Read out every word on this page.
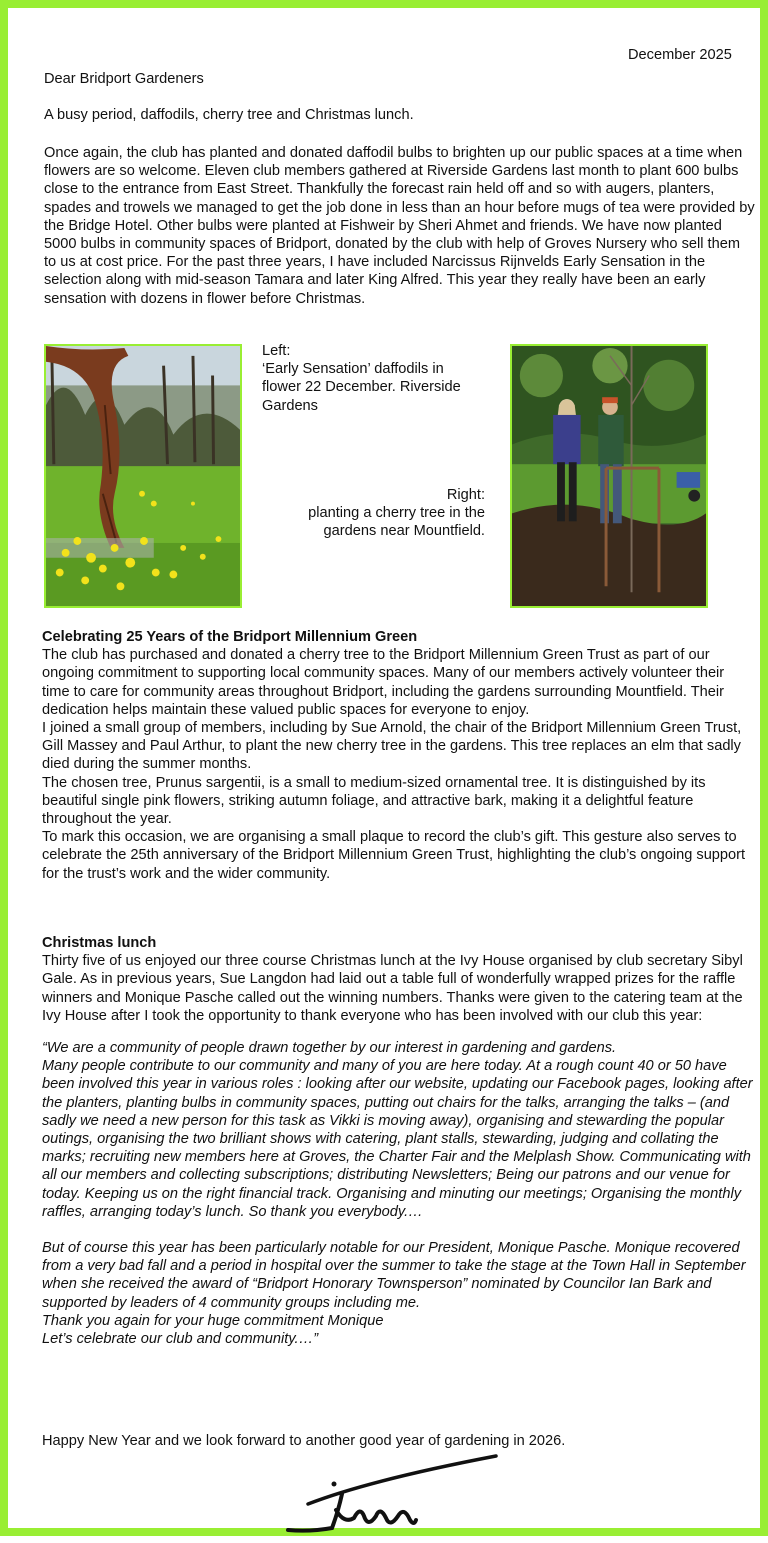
December 2025

Dear Bridport Gardeners

A busy period, daffodils, cherry tree and Christmas lunch.

Once again, the club has planted and donated daffodil bulbs to brighten up our public spaces at a time when flowers are so welcome. Eleven club members gathered at Riverside Gardens last month to plant 600 bulbs close to the entrance from East Street. Thankfully the forecast rain held off and so with augers, planters, spades and trowels we managed to get the job done in less than an hour before mugs of tea were provided by the Bridge Hotel. Other bulbs were planted at Fishweir by Sheri Ahmet and friends. We have now planted 5000 bulbs in community spaces of Bridport, donated by the club with help of Groves Nursery who sell them to us at cost price. For the past three years, I have included Narcissus Rijnvelds Early Sensation in the selection along with mid-season Tamara and later King Alfred. This year they really have been an early sensation with dozens in flower before Christmas.

Left:
‘Early Sensation’ daffodils in flower 22 December. Riverside Gardens

Right:
planting a cherry tree in the gardens near Mountfield.

Celebrating 25 Years of the Bridport Millennium Green

The club has purchased and donated a cherry tree to the Bridport Millennium Green Trust as part of our ongoing commitment to supporting local community spaces. Many of our members actively volunteer their time to care for community areas throughout Bridport, including the gardens surrounding Mountfield. Their dedication helps maintain these valued public spaces for everyone to enjoy.

I joined a small group of members, including by Sue Arnold, the chair of the Bridport Millennium Green Trust, Gill Massey and Paul Arthur, to plant the new cherry tree in the gardens. This tree replaces an elm that sadly died during the summer months.

The chosen tree, Prunus sargentii, is a small to medium-sized ornamental tree. It is distinguished by its beautiful single pink flowers, striking autumn foliage, and attractive bark, making it a delightful feature throughout the year.

To mark this occasion, we are organising a small plaque to record the club’s gift. This gesture also serves to celebrate the 25th anniversary of the Bridport Millennium Green Trust, highlighting the club’s ongoing support for the trust’s work and the wider community.

Christmas lunch

Thirty five of us enjoyed our three course Christmas lunch at the Ivy House organised by club secretary Sibyl Gale. As in previous years, Sue Langdon had laid out a table full of wonderfully wrapped prizes for the raffle winners and Monique Pasche called out the winning numbers. Thanks were given to the catering team at the Ivy House after I took the opportunity to thank everyone who has been involved with our club this year:

“We are a community of people drawn together by our interest in gardening and gardens.

Many people contribute to our community and many of you are here today. At a rough count 40 or 50 have been involved this year in various roles : looking after our website, updating our Facebook pages, looking after the planters, planting bulbs in community spaces, putting out chairs for the talks, arranging the talks – (and sadly we need a new person for this task as Vikki is moving away), organising and stewarding the popular outings, organising the two brilliant shows with catering, plant stalls, stewarding, judging and collating the marks; recruiting new members here at Groves, the Charter Fair and the Melplash Show. Communicating with all our members and collecting subscriptions; distributing Newsletters; Being our patrons and our venue for today. Keeping us on the right financial track. Organising and minuting our meetings; Organising the monthly raffles, arranging today’s lunch. So thank you everybody.…

But of course this year has been particularly notable for our President, Monique Pasche. Monique recovered from a very bad fall and a period in hospital over the summer to take the stage at the Town Hall in September when she received the award of “Bridport Honorary Townsperson” nominated by Councilor Ian Bark and supported by leaders of 4 community groups including me.

Thank you again for your huge commitment Monique

Let’s celebrate our club and community.…”

Happy New Year and we look forward to another good year of gardening in 2026.
